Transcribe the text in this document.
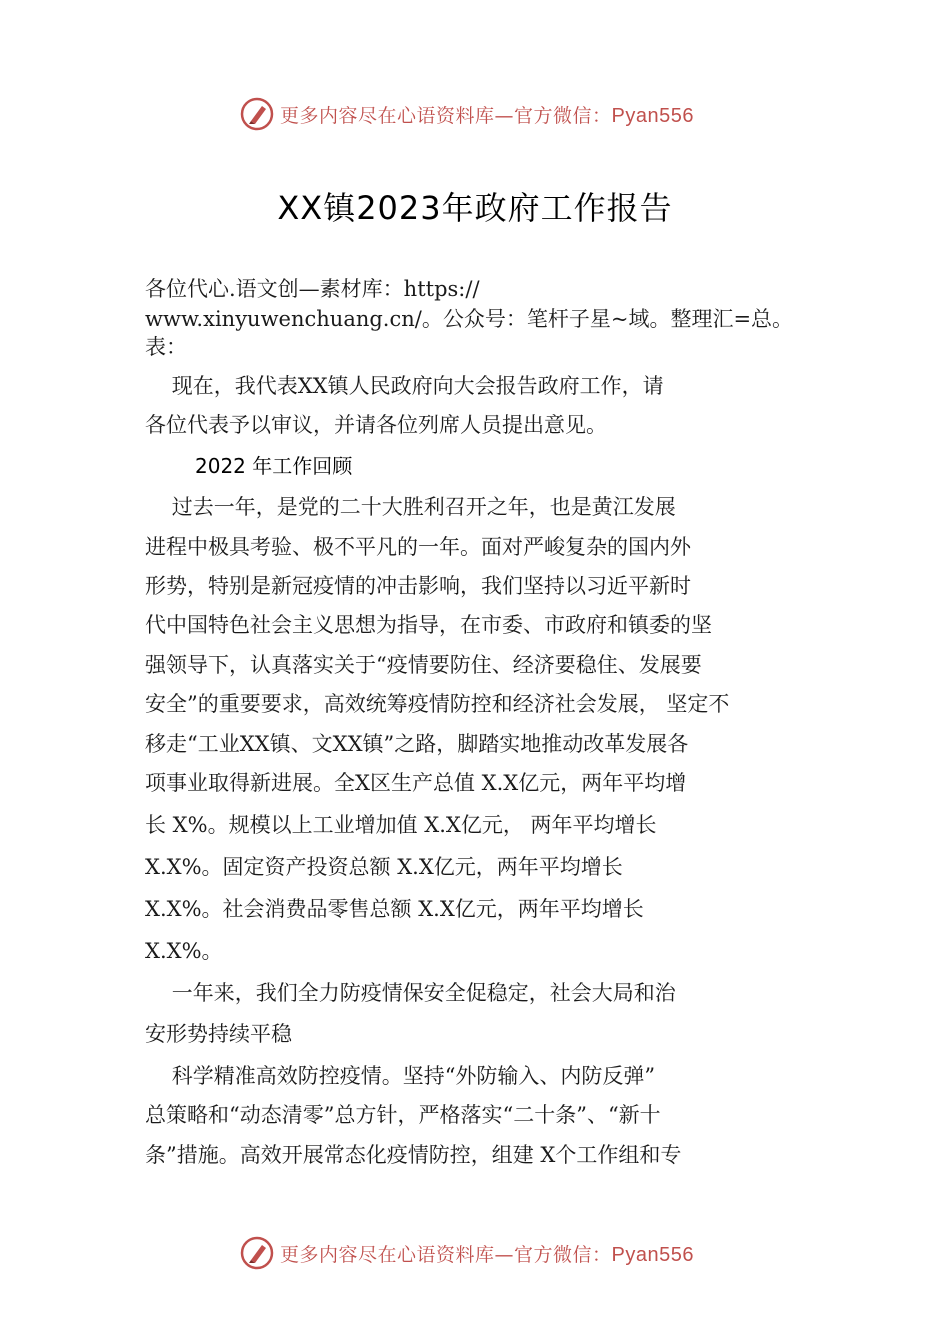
更多内容尽在心语资料库—官方微信：Pyan556
XX镇2023年政府工作报告
各位代心.语文创—素材库：https://
www.xinyuwenchuang.cn/。公众号：笔杆子星~域。整理汇=总。
表：
现在，我代表XX镇人民政府向大会报告政府工作，请
各位代表予以审议，并请各位列席人员提出意见。
2022 年工作回顾
过去一年，是党的二十大胜利召开之年，也是黄江发展
进程中极具考验、极不平凡的一年。面对严峻复杂的国内外
形势，特别是新冠疫情的冲击影响，我们坚持以习近平新时
代中国特色社会主义思想为指导，在市委、市政府和镇委的坚
强领导下，认真落实关于“疫情要防住、经济要稳住、发展要
安全”的重要要求，高效统筹疫情防控和经济社会发展， 坚定不
移走“工业XX镇、文XX镇”之路，脚踏实地推动改革发展各
项事业取得新进展。全X区生产总值 X.X亿元，两年平均增
长 X%。规模以上工业增加值 X.X亿元， 两年平均增长
X.X%。固定资产投资总额 X.X亿元，两年平均增长
X.X%。社会消费品零售总额 X.X亿元，两年平均增长
X.X%。
一年来，我们全力防疫情保安全促稳定，社会大局和治
安形势持续平稳
科学精准高效防控疫情。坚持“外防输入、内防反弹”
总策略和“动态清零”总方针，严格落实“二十条”、“新十
条”措施。高效开展常态化疫情防控，组建 X个工作组和专
更多内容尽在心语资料库—官方微信：Pyan556
